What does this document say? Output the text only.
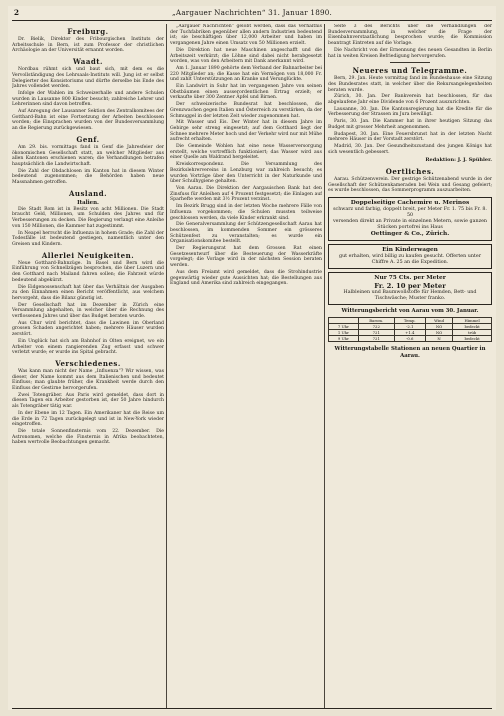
2	„Aargauer Nachrichten“ 31. Januar 1890.
Freiburg.
Dr. Bielik, Direktor des Fribourgischen Instituts der Arbeitsschule in Bern, ist zum Professor der christlichen Archäologie an der Universität ernannt worden.
Waadt.
Nordbau rühmt sich und baut sich, mit dem es die Vervollständigung des Lehrsaals-Instituts will. Jung ist er selbst Delegierter des Konsistoriums und dürfte derselbe bis Ende des Jahres vollendet werden.
Infolge der Wahlen im Schweizerhalle und andere Schulen wurden in Lausanne 800 Kinder besucht; zahlreiche Lehrer und Lehrerinnen sind davon betroffen.
Auf Anregung der Lausanner Sektion des Zentralkomitees der Gotthard-Bahn ist eine Fortsetzung der Arbeiten beschlossen worden; die Einsprachen wurden von der Bundesversammlung an die Regierung zurückgewiesen.
Genf.
Am 29. bis. vormittags fand in Genf die Jahresfeier der ökonomischen Gesellschaft statt, an welcher Mitglieder aus allen Kantonen erschienen waren; die Verhandlungen betrafen hauptsächlich die Landwirtschaft.
Die Zahl der Obdachlosen im Kanton hat in diesem Winter bedeutend zugenommen; die Behörden haben neue Massnahmen getroffen.
Ausland.
Italien.
Die Stadt Rom ist in Besitz von acht Millionen. Die Stadt braucht Geld, Millionen, um Schulden des Jahres und für Verbesserungen zu decken. Die Regierung verlangt eine Anleihe von 150 Millionen, die Kammer hat zugestimmt.
In Neapel herrscht die Influenza in hohem Grade; die Zahl der Todesfälle ist bedeutend gestiegen, namentlich unter den Greisen und Kindern.
Allerlei Neuigkeiten.
Neue Gotthard-Bahnzüge. In Basel und Bern wird die Einführung von Schnellzügen besprochen, die über Luzern und den Gotthard nach Mailand fahren sollen; die Fahrzeit würde bedeutend abgekürzt.
Die Eidgenossenschaft hat über das Verhältnis der Ausgaben zu den Einnahmen einen Bericht veröffentlicht, aus welchem hervorgeht, dass die Bilanz günstig ist.
Der Gesellschaft hat im Dezember in Zürich eine Versammlung abgehalten, in welcher über die Rechnung des verflossenen Jahres und über das Budget beraten wurde.
Aus Chur wird berichtet, dass die Lawinen im Oberland grossen Schaden angerichtet haben; mehrere Häuser wurden zerstört.
Ein Unglück hat sich am Bahnhof in Olten ereignet, wo ein Arbeiter von einem rangierenden Zug erfasst und schwer verletzt wurde; er wurde ins Spital gebracht.
Verschiedenes.
Was kann man nicht der Name „Influenza“? Wir wissen, was dieser, der Name kommt aus dem Italienischen und bedeutet Einfluss; man glaubte früher, die Krankheit werde durch den Einfluss der Gestirne hervorgerufen.
Zwei Totengräber. Aus Paris wird gemeldet, dass dort in diesen Tagen ein Arbeiter gestorben ist, der 50 Jahre hindurch als Totengräber tätig war.
In der Ebene im 12 Tagen. Ein Amerikaner hat die Reise um die Erde in 72 Tagen zurückgelegt und ist in New-York wieder eingetroffen.
Die totale Sonnenfinsternis vom 22. Dezember. Die Astronomen, welche die Finsternis in Afrika beobachteten, haben wertvolle Beobachtungen gemacht.
„Aargauer Nachrichten“ gelobt werden, dass das Verhältnis der Tuchfabriken gegenüber allen andern Industrien bedeutend ist; sie beschäftigen über 12,000 Arbeiter und haben im vergangenen Jahre einen Umsatz von 50 Millionen erzielt.
Die Direktion hat neue Maschinen angeschafft und die Arbeitszeit verkürzt; die Löhne sind dabei nicht herabgesetzt worden, was von den Arbeitern mit Dank anerkannt wird.
Am 1. Januar 1890 gehörte dem Verband der Bahnarbeiter bei 220 Mitglieder an; die Kasse hat ein Vermögen von 18,000 Fr. und zahlt Unterstützungen an Kranke und Verunglückte.
Ein Landwirt in Suhr hat im vergangenen Jahre von seinen Obstbäumen einen ausserordentlichen Ertrag erzielt; er verkaufte über 300 Zentner Äpfel und Birnen.
Der schweizerische Bundesrat hat beschlossen, die Grenzwachen gegen Italien und Österreich zu verstärken, da der Schmuggel in der letzten Zeit wieder zugenommen hat.
Mit Wasser und Eis. Der Winter hat in diesem Jahre im Gebirge sehr streng eingesetzt; auf dem Gotthard liegt der Schnee mehrere Meter hoch und der Verkehr wird nur mit Mühe aufrecht erhalten.
Die Gemeinde Wohlen hat eine neue Wasserversorgung erstellt, welche vortrefflich funktioniert; das Wasser wird aus einer Quelle am Waldrand hergeleitet.
Kreiskorrespondenz. Die Versammlung des Bezirkslehrervereins in Lenzburg war zahlreich besucht; es wurden Vorträge über den Unterricht in der Naturkunde und über Schulhygiene gehalten.
Von Aarau. Die Direktion der Aargauischen Bank hat den Zinsfuss für Anleihen auf 4 Prozent festgesetzt; die Einlagen auf Sparhefte werden mit 3½ Prozent verzinst.
Im Bezirk Brugg sind in der letzten Woche mehrere Fälle von Influenza vorgekommen; die Schulen mussten teilweise geschlossen werden, da viele Kinder erkrankt sind.
Die Generalversammlung der Schützengesellschaft Aarau hat beschlossen, im kommenden Sommer ein grösseres Schützenfest zu veranstalten; es wurde ein Organisationskomitee bestellt.
Der Regierungsrat hat dem Grossen Rat einen Gesetzesentwurf über die Besteuerung der Wasserkräfte vorgelegt; die Vorlage wird in der nächsten Session beraten werden.
Aus dem Freiamt wird gemeldet, dass die Strohindustrie gegenwärtig wieder gute Aussichten hat; die Bestellungen aus England und Amerika sind zahlreich eingegangen.
Seite 3 des Berichts über die Verhandlungen der Bundesversammlung, in welcher die Frage der Eisenbahnverstaatlichung besprochen wurde; die Kommission beantragt Eintreten auf die Vorlage.
Die Nachricht von der Ernennung des neuen Gesandten in Berlin hat in weiten Kreisen Befriedigung hervorgerufen.
Neueres und Telegramme.
Bern, 29. Jan. Heute vormittag fand im Bundeshause eine Sitzung des Bundesrates statt, in welcher über die Rekursangelegenheiten beraten wurde.
Zürich, 30. Jan. Der Bankverein hat beschlossen, für das abgelaufene Jahr eine Dividende von 6 Prozent auszurichten.
Lausanne, 30. Jan. Die Kantonsregierung hat die Kredite für die Verbesserung der Strassen im Jura bewilligt.
Paris, 30. Jan. Die Kammer hat in ihrer heutigen Sitzung das Budget mit grosser Mehrheit angenommen.
Budapest, 30. Jan. Eine Feuersbrunst hat in der letzten Nacht mehrere Häuser in der Vorstadt zerstört.
Madrid, 30. Jan. Der Gesundheitszustand des jungen Königs hat sich wesentlich gebessert.
Redaktion: J. J. Spühler.
Oertliches.
Aarau. Schützenverein. Der gestrige Schützenabend wurde in der Gesellschaft der Schützenkameraden bei Wein und Gesang gefeiert; es wurde beschlossen, das Sommerprogramm auszuarbeiten.
Doppelseitige Cachemire u. Merinos
schwarz und farbig, doppelt breit, per Meter Fr. 1. 75 bis Fr. 8. 50
versenden direkt an Private in einzelnen Metern, sowie ganzen Stücken portofrei ins Haus
Oettinger & Co., Zürich.
Ein Kinderwagen
gut erhalten, wird billig zu kaufen gesucht. Offerten unter Chiffre A. 25 an die Expedition.
Nur 75 Cts. per Meter
Fr. 2. 10 per Meter
Halbleinen und Baumwollstoffe für Hemden, Bett- und Tischwäsche; Muster franko.
Witterungsbericht von Aarau vom 30. Januar.
	Barom.	Temp.	Wind	Himmel
7 Uhr	722	-2.1	NO	bedeckt
1 Uhr	721	+1.4	NO	trüb
9 Uhr	721	-0.6	N	bedeckt
Witterungstabelle Stationen an neuen Quartier in Aarau.
